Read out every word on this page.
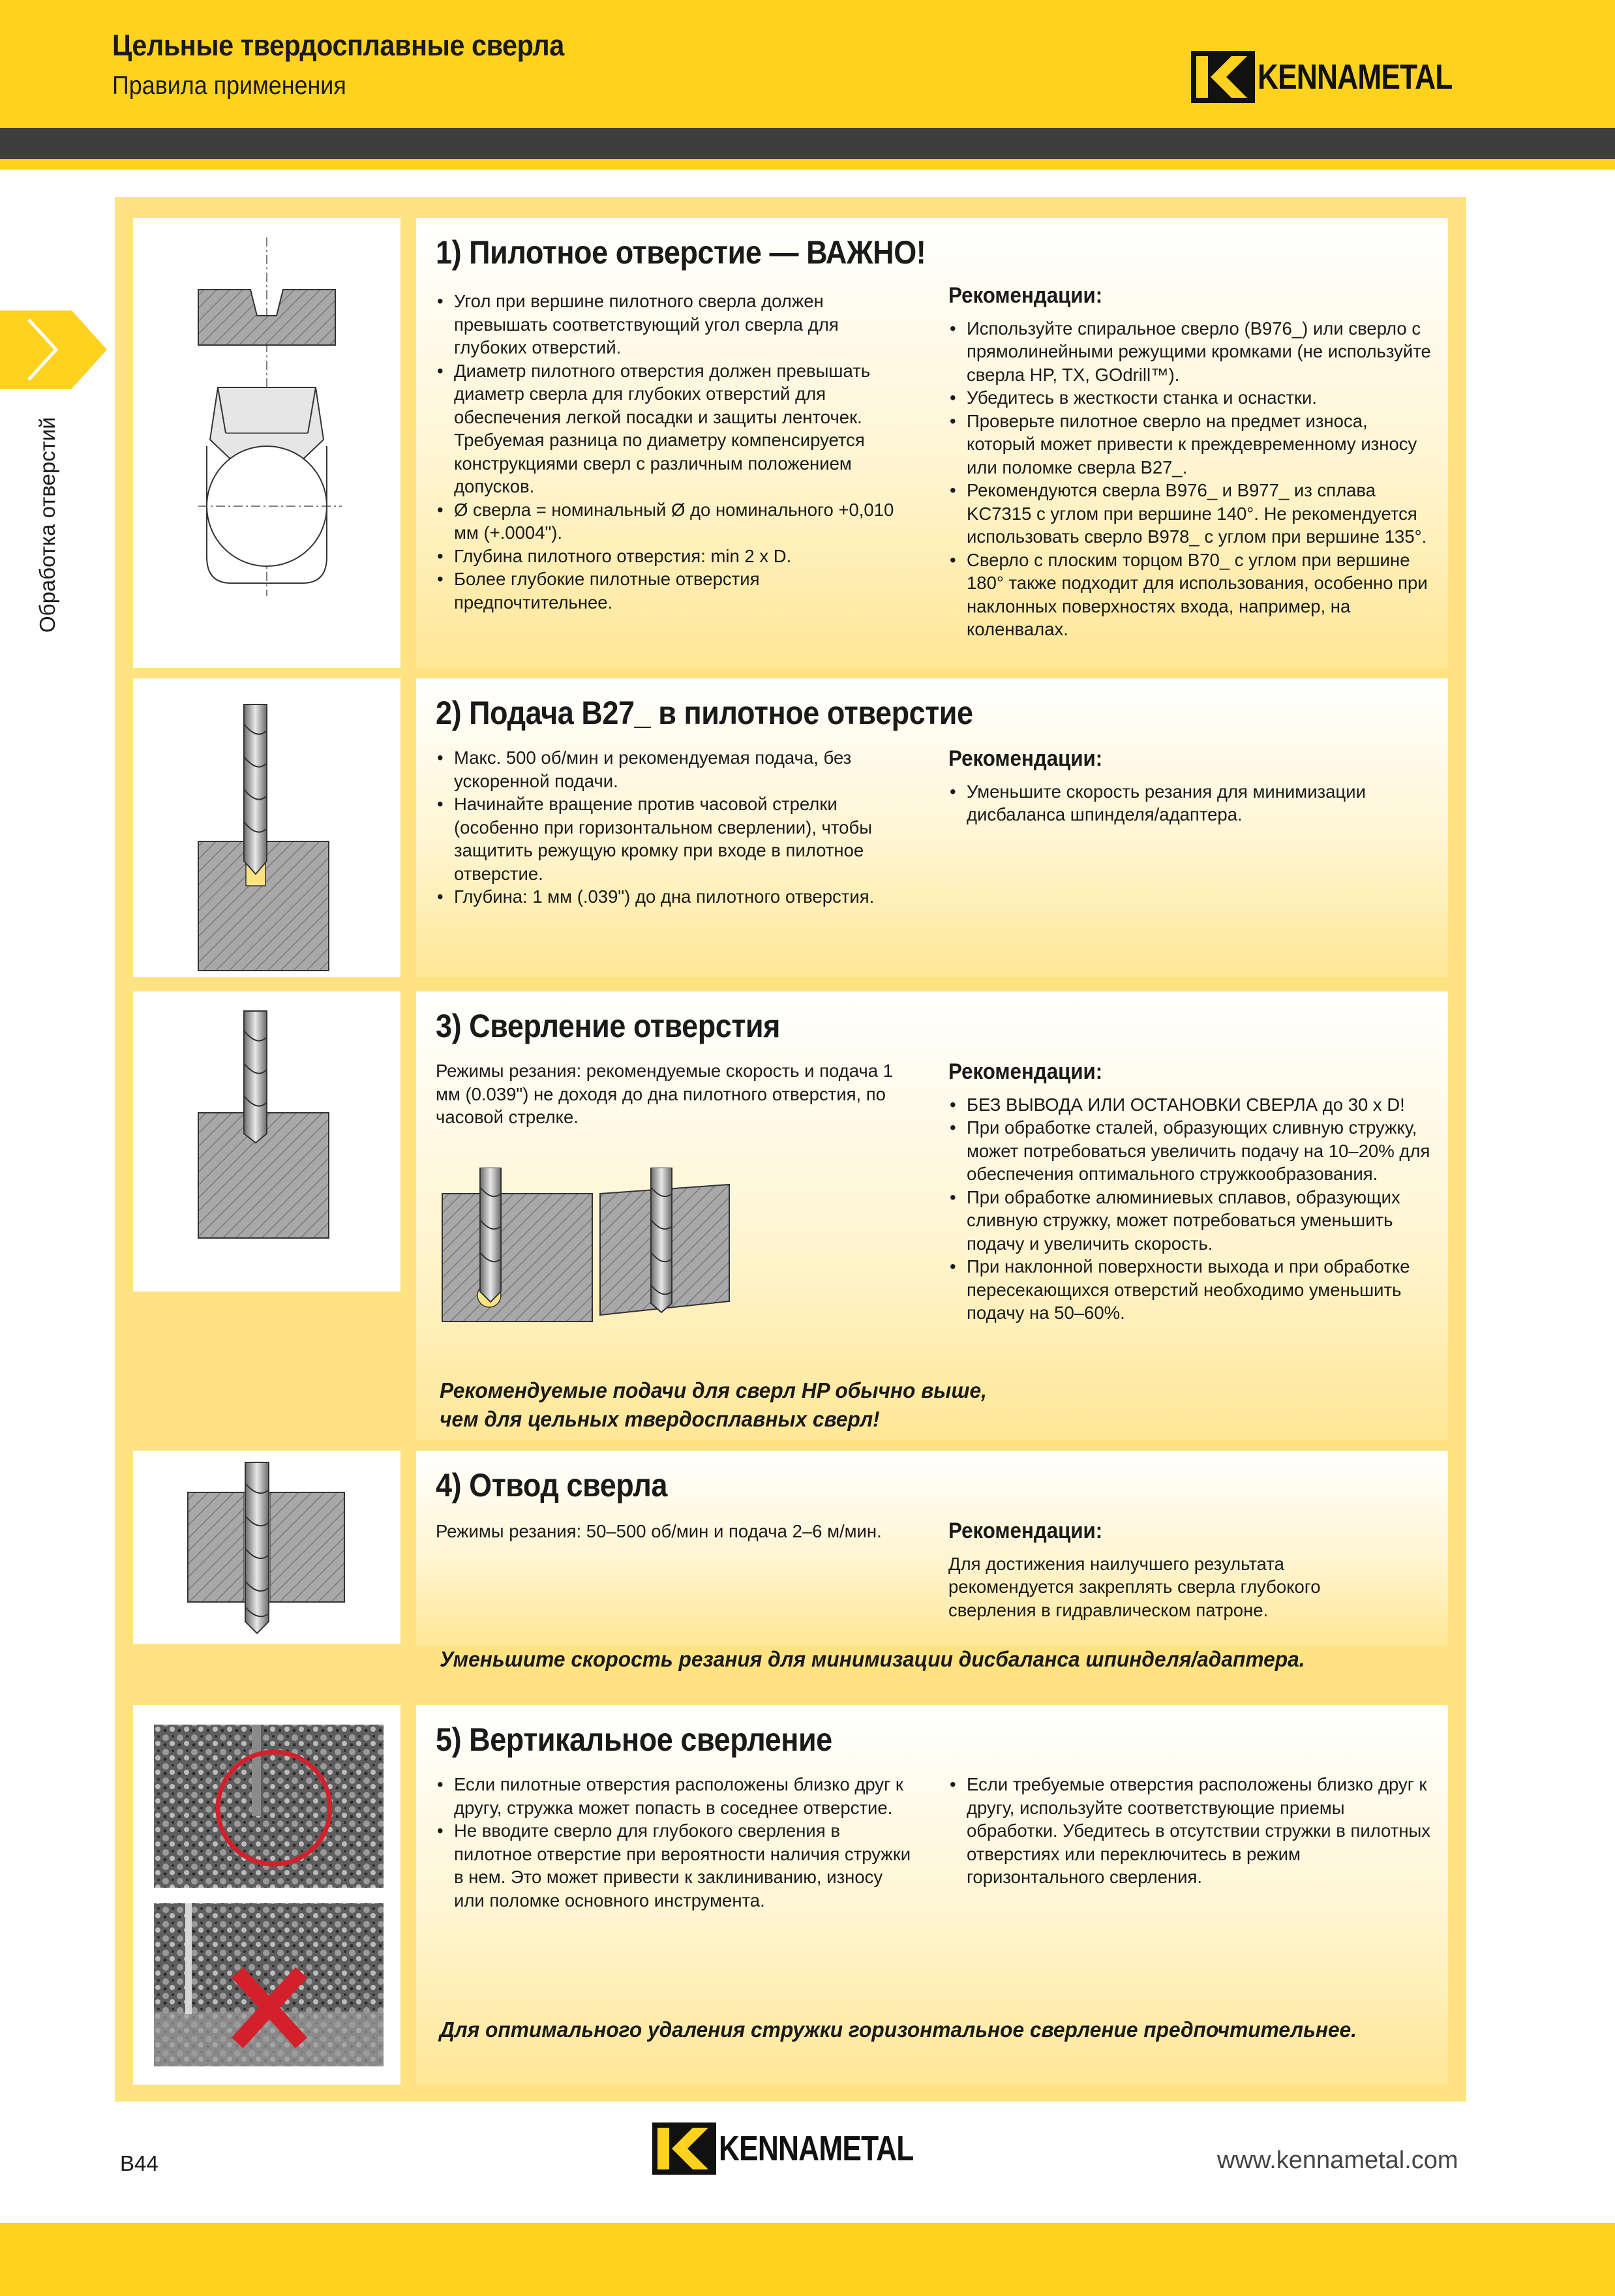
Цельные твердосплавные сверла
Правила применения	KENNAMETAL
Обработка отверстий
1) Пилотное отверстие — ВАЖНО!
• Угол при вершине пилотного сверла должен превышать соответствующий угол сверла для глубоких отверстий.
• Диаметр пилотного отверстия должен превышать диаметр сверла для глубоких отверстий для обеспечения легкой посадки и защиты ленточек. Требуемая разница по диаметру компенсируется конструкциями сверл с различным положением допусков.
• Ø сверла = номинальный Ø до номинального +0,010 мм (+.0004").
• Глубина пилотного отверстия: min 2 x D.
• Более глубокие пилотные отверстия предпочтительнее.
Рекомендации:
• Используйте спиральное сверло (B976_) или сверло с прямолинейными режущими кромками (не используйте сверла HP, TX, GOdrill™).
• Убедитесь в жесткости станка и оснастки.
• Проверьте пилотное сверло на предмет износа, который может привести к преждевременному износу или поломке сверла B27_.
• Рекомендуются сверла B976_ и B977_ из сплава KC7315 с углом при вершине 140°. Не рекомендуется использовать сверло B978_ с углом при вершине 135°.
• Сверло с плоским торцом B70_ с углом при вершине 180° также подходит для использования, особенно при наклонных поверхностях входа, например, на коленвалах.
2) Подача B27_ в пилотное отверстие
• Макс. 500 об/мин и рекомендуемая подача, без ускоренной подачи.
• Начинайте вращение против часовой стрелки (особенно при горизонтальном сверлении), чтобы защитить режущую кромку при входе в пилотное отверстие.
• Глубина: 1 мм (.039") до дна пилотного отверстия.
Рекомендации:
• Уменьшите скорость резания для минимизации дисбаланса шпинделя/адаптера.
3) Сверление отверстия
Режимы резания: рекомендуемые скорость и подача 1 мм (0.039") не доходя до дна пилотного отверстия, по часовой стрелке.
Рекомендации:
• БЕЗ ВЫВОДА ИЛИ ОСТАНОВКИ СВЕРЛА до 30 x D!
• При обработке сталей, образующих сливную стружку, может потребоваться увеличить подачу на 10–20% для обеспечения оптимального стружкообразования.
• При обработке алюминиевых сплавов, образующих сливную стружку, может потребоваться уменьшить подачу и увеличить скорость.
• При наклонной поверхности выхода и при обработке пересекающихся отверстий необходимо уменьшить подачу на 50–60%.
Рекомендуемые подачи для сверл HP обычно выше,
чем для цельных твердосплавных сверл!
4) Отвод сверла
Режимы резания: 50–500 об/мин и подача 2–6 м/мин.	Рекомендации:
Для достижения наилучшего результата рекомендуется закреплять сверла глубокого сверления в гидравлическом патроне.
Уменьшите скорость резания для минимизации дисбаланса шпинделя/адаптера.
5) Вертикальное сверление
• Если пилотные отверстия расположены близко друг к другу, стружка может попасть в соседнее отверстие.
• Не вводите сверло для глубокого сверления в пилотное отверстие при вероятности наличия стружки в нем. Это может привести к заклиниванию, износу или поломке основного инструмента.
• Если требуемые отверстия расположены близко друг к другу, используйте соответствующие приемы обработки. Убедитесь в отсутствии стружки в пилотных отверстиях или переключитесь в режим горизонтального сверления.
Для оптимального удаления стружки горизонтальное сверление предпочтительнее.
B44	KENNAMETAL	www.kennametal.com
